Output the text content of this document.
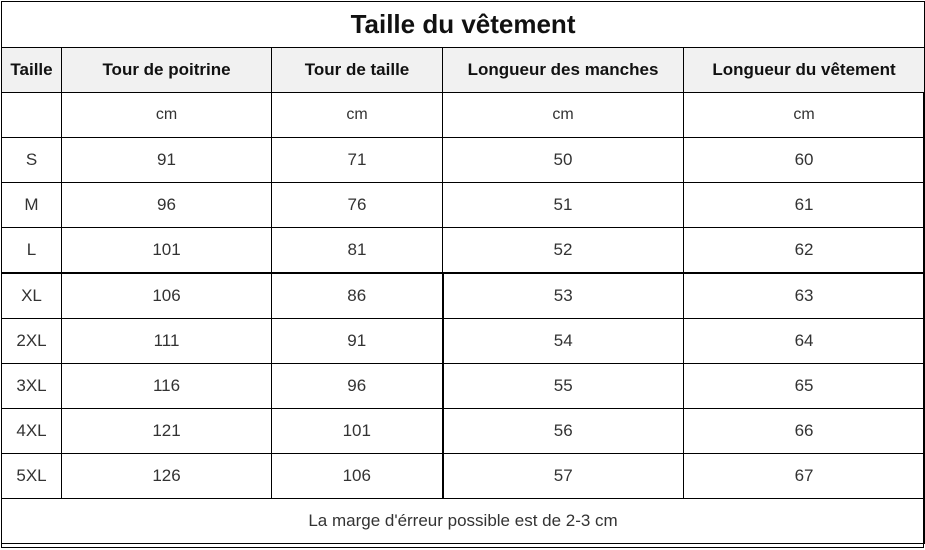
Taille du vêtement				
Taille	Tour de poitrine	Tour de taille	Longueur des manches	Longueur du vêtement
	cm	cm	cm	cm
S	91	71	50	60
M	96	76	51	61
L	101	81	52	62
XL	106	86	53	63
2XL	111	91	54	64
3XL	116	96	55	65
4XL	121	101	56	66
5XL	126	106	57	67
La marge d'érreur possible est de 2-3 cm				
